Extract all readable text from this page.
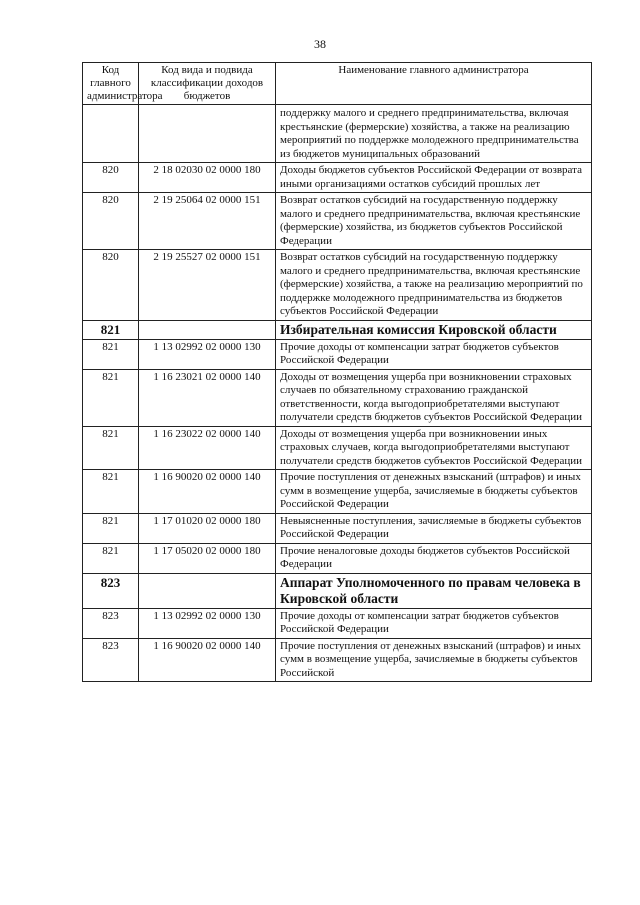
38
Код главного администратора	Код вида и подвида классификации доходов бюджетов	Наименование главного администратора
		поддержку малого и среднего предпринимательства, включая крестьянские (фермерские) хозяйства, а также на реализацию мероприятий по поддержке молодежного предпринимательства из бюджетов муниципальных образований
820	2 18 02030 02 0000 180	Доходы бюджетов субъектов Российской Федерации от возврата иными организациями остатков субсидий прошлых лет
820	2 19 25064 02 0000 151	Возврат остатков субсидий на государственную поддержку малого и среднего предпринимательства, включая крестьянские (фермерские) хозяйства, из бюджетов субъектов Российской Федерации
820	2 19 25527 02 0000 151	Возврат остатков субсидий на государственную поддержку малого и среднего предпринимательства, включая крестьянские (фермерские) хозяйства, а также на реализацию мероприятий по поддержке молодежного предпринимательства из бюджетов субъектов Российской Федерации
821		Избирательная комиссия Кировской области
821	1 13 02992 02 0000 130	Прочие доходы от компенсации затрат бюджетов субъектов Российской Федерации
821	1 16 23021 02 0000 140	Доходы от возмещения ущерба при возникновении страховых случаев по обязательному страхованию гражданской ответственности, когда выгодоприобретателями выступают получатели средств бюджетов субъектов Российской Федерации
821	1 16 23022 02 0000 140	Доходы от возмещения ущерба при возникновении иных страховых случаев, когда выгодоприобретателями выступают получатели средств бюджетов субъектов Российской Федерации
821	1 16 90020 02 0000 140	Прочие поступления от денежных взысканий (штрафов) и иных сумм в возмещение ущерба, зачисляемые в бюджеты субъектов Российской Федерации
821	1 17 01020 02 0000 180	Невыясненные поступления, зачисляемые в бюджеты субъектов Российской Федерации
821	1 17 05020 02 0000 180	Прочие неналоговые доходы бюджетов субъектов Российской Федерации
823		Аппарат Уполномоченного по правам человека в Кировской области
823	1 13 02992 02 0000 130	Прочие доходы от компенсации затрат бюджетов субъектов Российской Федерации
823	1 16 90020 02 0000 140	Прочие поступления от денежных взысканий (штрафов) и иных сумм в возмещение ущерба, зачисляемые в бюджеты субъектов Российской
